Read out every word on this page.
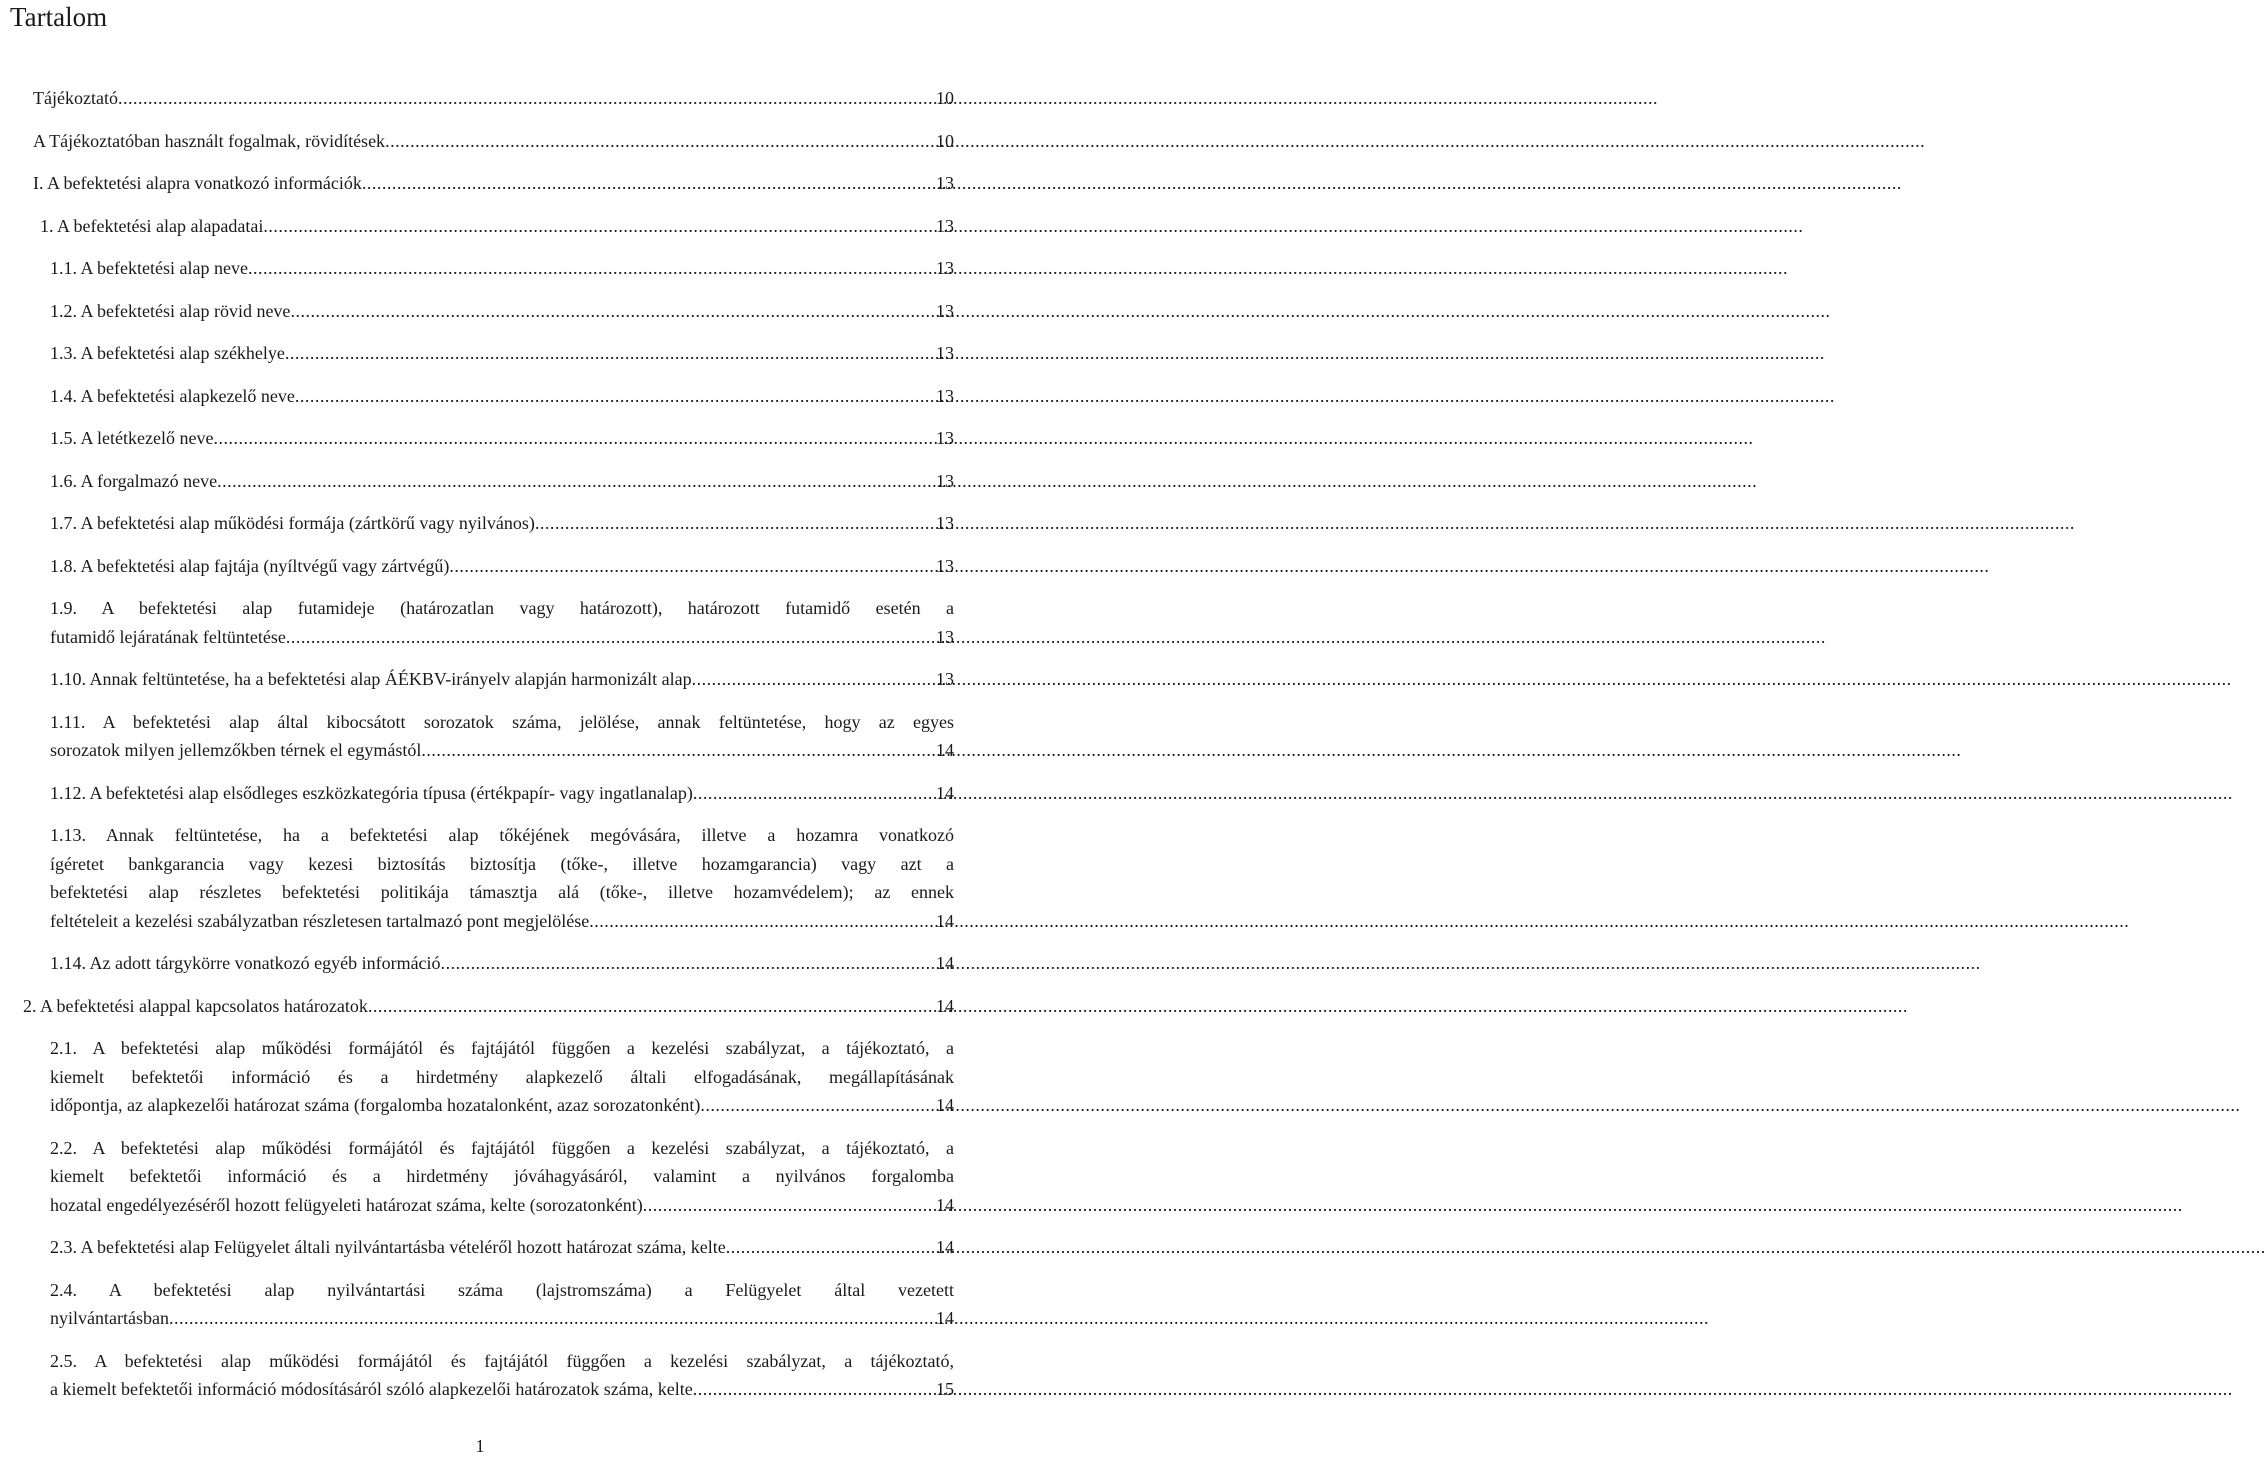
Tartalom
Tájékoztató .....	10
A Tájékoztatóban használt fogalmak, rövidítések .....	10
I. A befektetési alapra vonatkozó információk .....	13
1. A befektetési alap alapadatai .....	13
1.1. A befektetési alap neve .....	13
1.2. A befektetési alap rövid neve .....	13
1.3. A befektetési alap székhelye .....	13
1.4. A befektetési alapkezelő neve .....	13
1.5. A letétkezelő neve .....	13
1.6. A forgalmazó neve .....	13
1.7. A befektetési alap működési formája (zártkörű vagy nyilvános) .....	13
1.8. A befektetési alap fajtája (nyíltvégű vagy zártvégű) .....	13
1.9. A befektetési alap futamideje (határozatlan vagy határozott), határozott futamidő esetén a
futamidő lejáratának feltüntetése .....	13
1.10. Annak feltüntetése, ha a befektetési alap ÁÉKBV-irányelv alapján harmonizált alap .....	13
1.11. A befektetési alap által kibocsátott sorozatok száma, jelölése, annak feltüntetése, hogy az egyes
sorozatok milyen jellemzőkben térnek el egymástól .....	14
1.12. A befektetési alap elsődleges eszközkategória típusa (értékpapír- vagy ingatlanalap) .....	14
1.13. Annak feltüntetése, ha a befektetési alap tőkéjének megóvására, illetve a hozamra vonatkozó
ígéretet bankgarancia vagy kezesi biztosítás biztosítja (tőke-, illetve hozamgarancia) vagy azt a
befektetési alap részletes befektetési politikája támasztja alá (tőke-, illetve hozamvédelem); az ennek
feltételeit a kezelési szabályzatban részletesen tartalmazó pont megjelölése .....	14
1.14. Az adott tárgykörre vonatkozó egyéb információ .....	14
2. A befektetési alappal kapcsolatos határozatok .....	14
2.1. A befektetési alap működési formájától és fajtájától függően a kezelési szabályzat, a tájékoztató, a
kiemelt befektetői információ és a hirdetmény alapkezelő általi elfogadásának, megállapításának
időpontja, az alapkezelői határozat száma (forgalomba hozatalonként, azaz sorozatonként) .....	14
2.2. A befektetési alap működési formájától és fajtájától függően a kezelési szabályzat, a tájékoztató, a
kiemelt befektetői információ és a hirdetmény jóváhagyásáról, valamint a nyilvános forgalomba
hozatal engedélyezéséről hozott felügyeleti határozat száma, kelte (sorozatonként) .....	14
2.3. A befektetési alap Felügyelet általi nyilvántartásba vételéről hozott határozat száma, kelte .....	14
2.4. A befektetési alap nyilvántartási száma (lajstromszáma) a Felügyelet által vezetett
nyilvántartásban .....	14
2.5. A befektetési alap működési formájától és fajtájától függően a kezelési szabályzat, a tájékoztató,
a kiemelt befektetői információ módosításáról szóló alapkezelői határozatok száma, kelte .....	15
1
